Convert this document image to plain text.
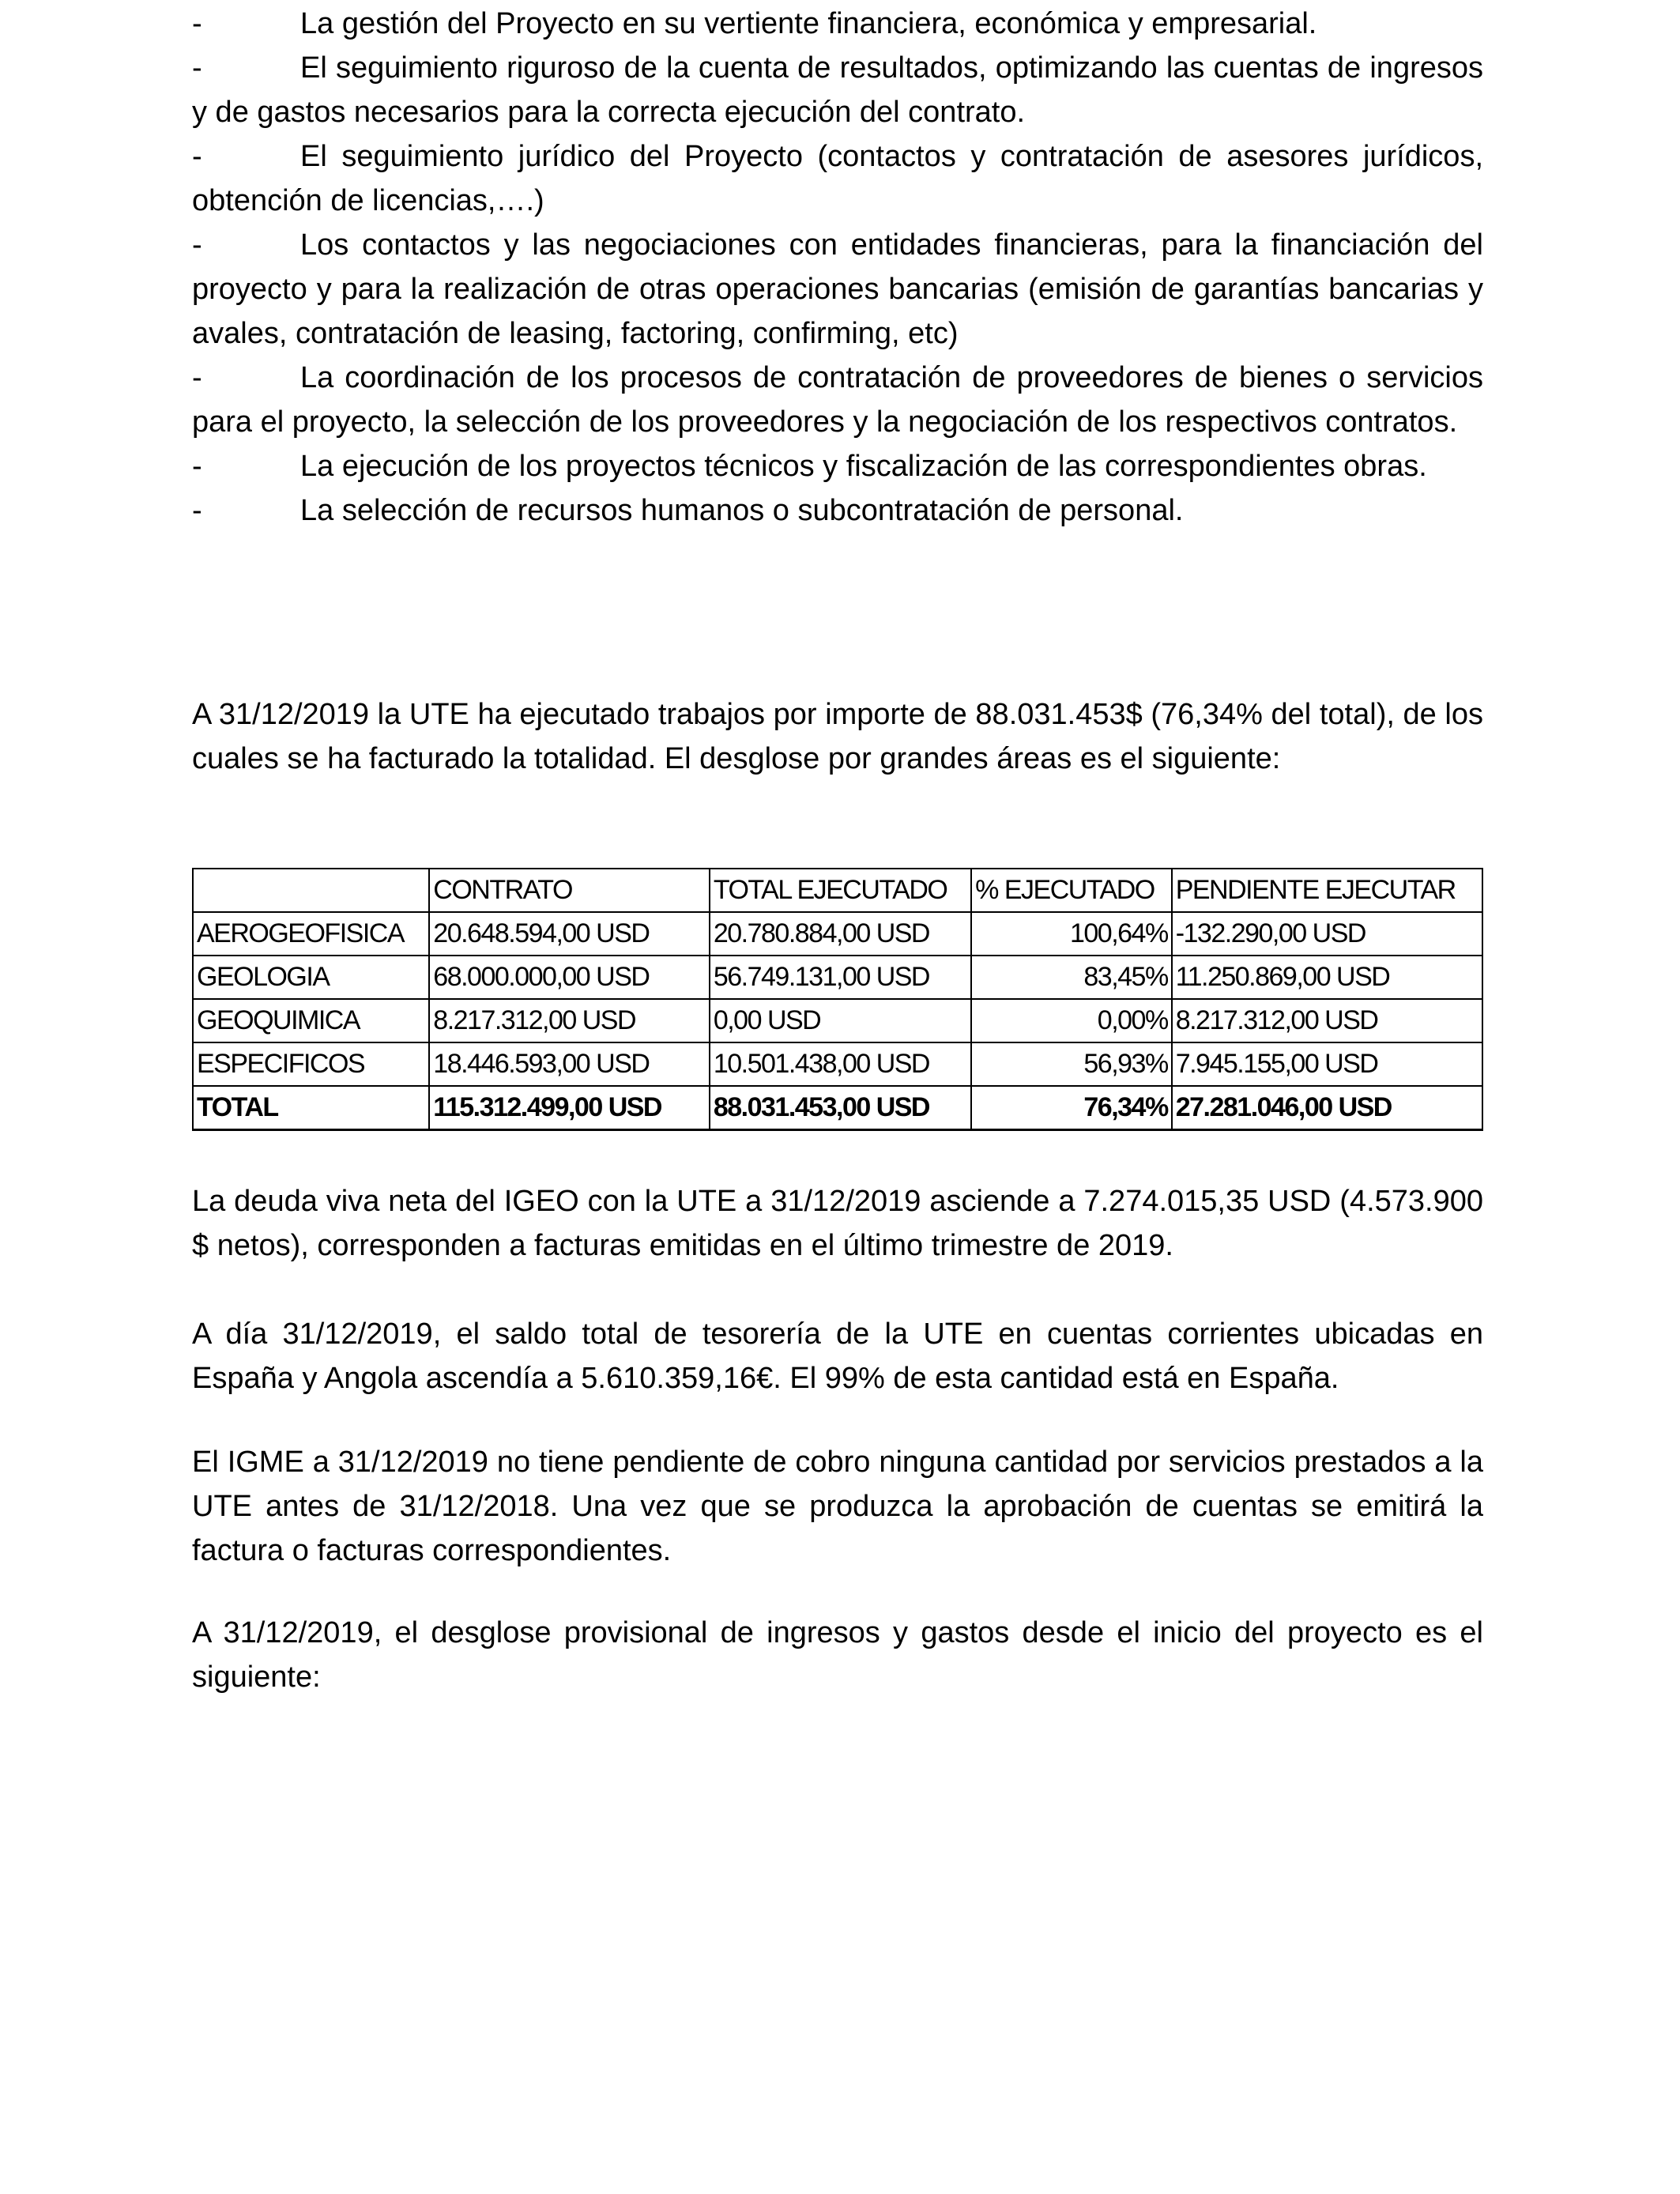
-	La gestión del Proyecto en su vertiente financiera, económica y empresarial.

-	El seguimiento riguroso de la cuenta de resultados, optimizando las cuentas de ingresos y de gastos necesarios para la correcta ejecución del contrato.

-	El seguimiento jurídico del Proyecto (contactos y contratación de asesores jurídicos, obtención de licencias,….)

-	Los contactos y las negociaciones con entidades financieras, para la financiación del proyecto y para la realización de otras operaciones bancarias (emisión de garantías bancarias y avales, contratación de leasing, factoring, confirming, etc)

-	La coordinación de los procesos de contratación de proveedores de bienes o servicios para el proyecto, la selección de los proveedores y la negociación de los respectivos contratos.

-	La ejecución de los proyectos técnicos y fiscalización de las correspondientes obras.

-	La selección de recursos humanos o subcontratación de personal.

A 31/12/2019 la UTE ha ejecutado trabajos por importe de 88.031.453$ (76,34% del total), de los cuales se ha facturado la totalidad. El desglose por grandes áreas es el siguiente:

	CONTRATO	TOTAL EJECUTADO	% EJECUTADO	PENDIENTE EJECUTAR
AEROGEOFISICA	20.648.594,00 USD	20.780.884,00 USD	100,64%	-132.290,00 USD
GEOLOGIA	68.000.000,00 USD	56.749.131,00 USD	83,45%	11.250.869,00 USD
GEOQUIMICA	8.217.312,00 USD	0,00 USD	0,00%	8.217.312,00 USD
ESPECIFICOS	18.446.593,00 USD	10.501.438,00 USD	56,93%	7.945.155,00 USD
TOTAL	115.312.499,00 USD	88.031.453,00 USD	76,34%	27.281.046,00 USD

La deuda viva neta del IGEO con la UTE a 31/12/2019 asciende a 7.274.015,35 USD (4.573.900 $ netos), corresponden a facturas emitidas en el último trimestre de 2019.

A día 31/12/2019, el saldo total de tesorería de la UTE en cuentas corrientes ubicadas en España y Angola ascendía a 5.610.359,16€. El 99% de esta cantidad está en España.

El IGME a 31/12/2019 no tiene pendiente de cobro ninguna cantidad por servicios prestados a la UTE antes de 31/12/2018. Una vez que se produzca la aprobación de cuentas se emitirá la factura o facturas correspondientes.

A 31/12/2019, el desglose provisional de ingresos y gastos desde el inicio del proyecto es el siguiente:
